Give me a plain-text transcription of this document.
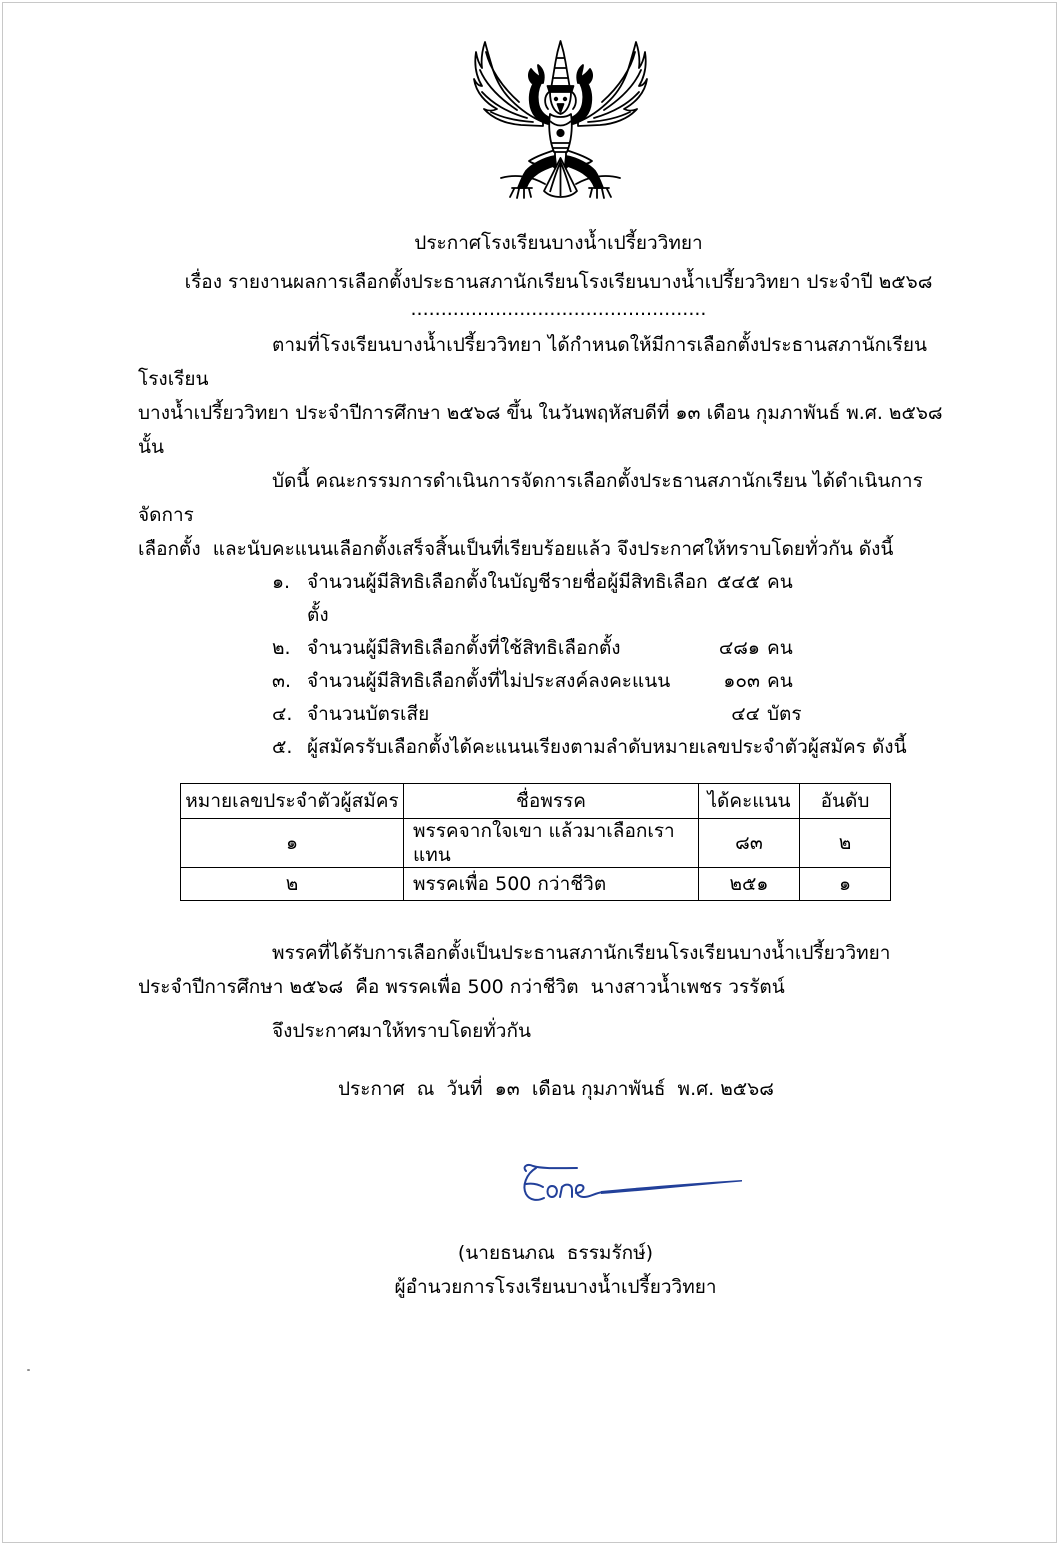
ประกาศโรงเรียนบางน้ำเปรี้ยววิทยา
เรื่อง รายงานผลการเลือกตั้งประธานสภานักเรียนโรงเรียนบางน้ำเปรี้ยววิทยา ประจำปี ๒๕๖๘
.................................................
ตามที่โรงเรียนบางน้ำเปรี้ยววิทยา ได้กำหนดให้มีการเลือกตั้งประธานสภานักเรียนโรงเรียน
บางน้ำเปรี้ยววิทยา ประจำปีการศึกษา ๒๕๖๘ ขึ้น ในวันพฤหัสบดีที่ ๑๓ เดือน กุมภาพันธ์ พ.ศ. ๒๕๖๘ นั้น
บัดนี้ คณะกรรมการดำเนินการจัดการเลือกตั้งประธานสภานักเรียน ได้ดำเนินการจัดการ
เลือกตั้ง  และนับคะแนนเลือกตั้งเสร็จสิ้นเป็นที่เรียบร้อยแล้ว จึงประกาศให้ทราบโดยทั่วกัน ดังนี้
๑. จำนวนผู้มีสิทธิเลือกตั้งในบัญชีรายชื่อผู้มีสิทธิเลือกตั้ง
๕๔๕ คน
๒. จำนวนผู้มีสิทธิเลือกตั้งที่ใช้สิทธิเลือกตั้ง	๔๘๑ คน
๓. จำนวนผู้มีสิทธิเลือกตั้งที่ไม่ประสงค์ลงคะแนน	๑๐๓ คน
๔. จำนวนบัตรเสีย	๔๔ บัตร
๕. ผู้สมัครรับเลือกตั้งได้คะแนนเรียงตามลำดับหมายเลขประจำตัวผู้สมัคร ดังนี้
หมายเลขประจำตัวผู้สมัคร	ชื่อพรรค	ได้คะแนน	อันดับ
๑	พรรคจากใจเขา แล้วมาเลือกเราแทน	๘๓	๒
๒	พรรคเพื่อ 500 กว่าชีวิต	๒๕๑	๑
พรรคที่ได้รับการเลือกตั้งเป็นประธานสภานักเรียนโรงเรียนบางน้ำเปรี้ยววิทยา
ประจำปีการศึกษา ๒๕๖๘  คือ พรรคเพื่อ 500 กว่าชีวิต  นางสาวน้ำเพชร วรรัตน์
จึงประกาศมาให้ทราบโดยทั่วกัน
ประกาศ  ณ  วันที่  ๑๓  เดือน กุมภาพันธ์  พ.ศ. ๒๕๖๘
(นายธนภณ  ธรรมรักษ์)
ผู้อำนวยการโรงเรียนบางน้ำเปรี้ยววิทยา
